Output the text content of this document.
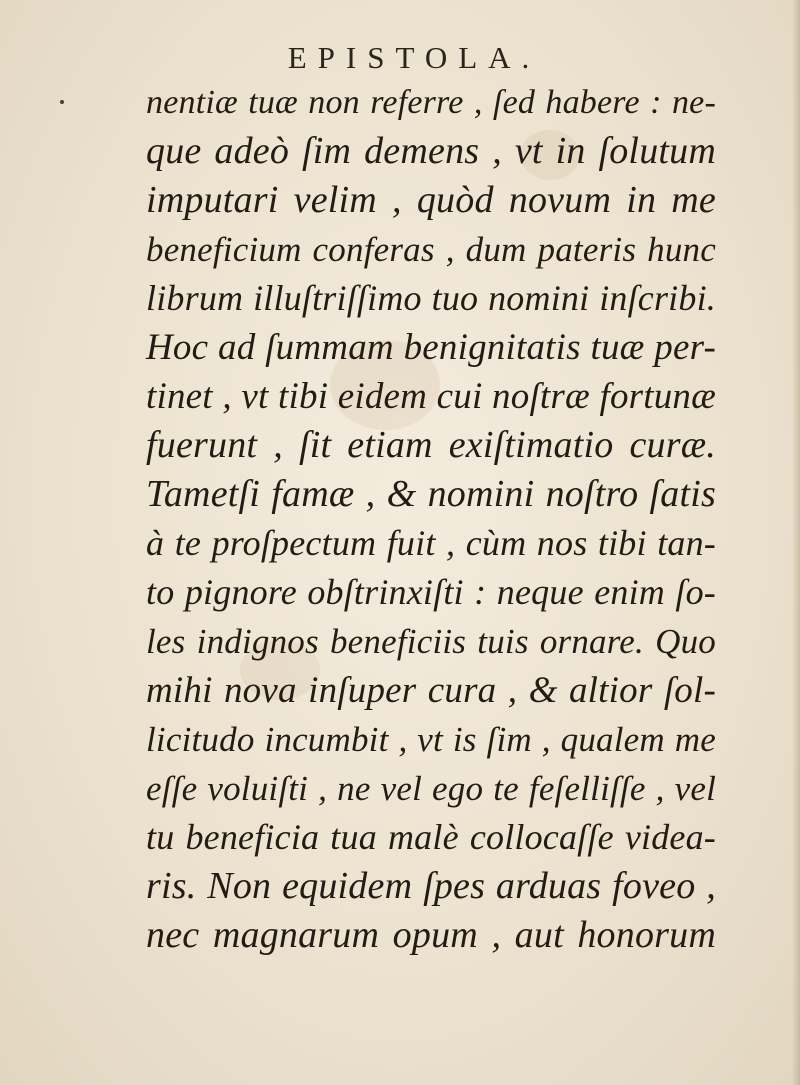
EPISTOLA.
nentiæ tuæ non referre , ſed habere : ne-
que adeò ſim demens , vt in ſolutum
imputari velim , quòd novum in me
beneficium conferas , dum pateris hunc
librum illuſtriſſimo tuo nomini inſcribi.
Hoc ad ſummam benignitatis tuæ per-
tinet , vt tibi eidem cui noſtræ fortunæ
fuerunt , ſit etiam exiſtimatio curæ.
Tametſi famæ , & nomini noſtro ſatis
à te proſpectum fuit , cùm nos tibi tan-
to pignore obſtrinxiſti : neque enim ſo-
les indignos beneficiis tuis ornare. Quo
mihi nova inſuper cura , & altior ſol-
licitudo incumbit , vt is ſim , qualem me
eſſe voluiſti , ne vel ego te feſelliſſe , vel
tu beneficia tua malè collocaſſe videa-
ris. Non equidem ſpes arduas foveo ,
nec magnarum opum , aut honorum
